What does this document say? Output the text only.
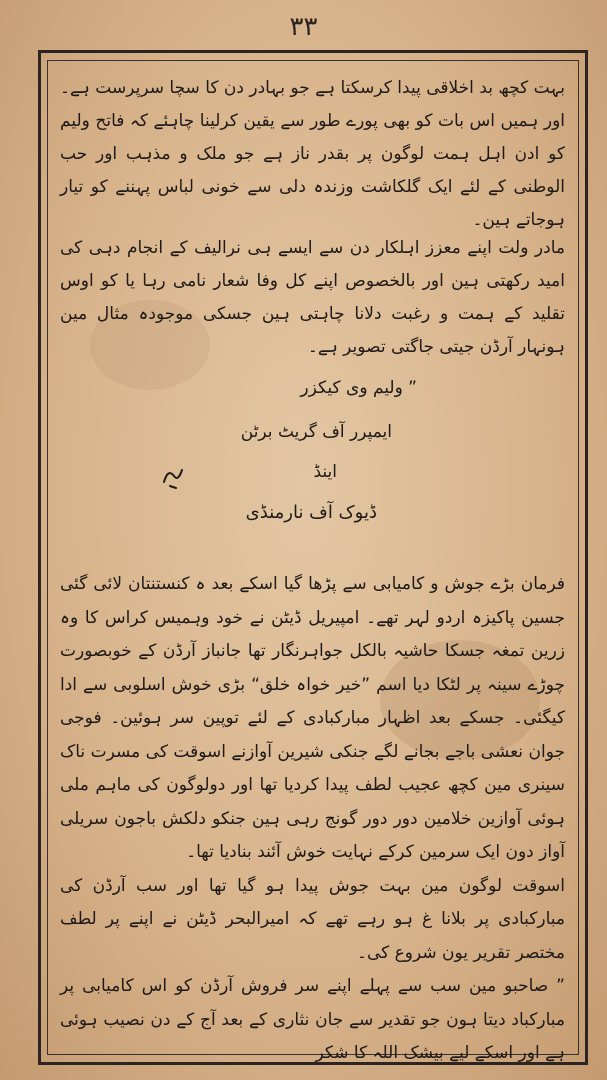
۳۳

بہت کچھ بد اخلاقی پیدا کرسکتا ہے جو بہادر دن کا سچا سرپرست ہے۔ اور ہمیں اس بات کو بھی پورے طور سے یقین کرلینا چاہئے کہ فاتح ولیم کو ادن اہل ہمت لوگون پر بقدر ناز ہے جو ملک و مذہب اور حب الوطنی کے لئے ایک گلکاشت وزندہ دلی سے خونی لباس پہننے کو تیار ہوجاتے ہین۔

مادر ولت اپنے معزز اہلکار دن سے ایسے ہی نرالیف کے انجام دہی کی امید رکھتی ہین اور بالخصوص اپنے کل وفا شعار نامی رہا یا کو اوس تقلید کے ہمت و رغبت دلانا چاہتی ہین جسکی موجودہ مثال مین ہونہار آرڈن جیتی جاگتی تصویر ہے۔

” ولیم وی کیکزر
ایمپرر آف گریٹ برٹن
اینڈ
ڈیوک آف نارمنڈی

فرمان بڑے جوش و کامیابی سے پڑھا گیا اسکے بعد ہ کنستنتان لائی گئی جسین پاکیزہ اردو لہر تھے۔ امپیریل ڈیٹن نے خود وہمیس کراس کا وہ زرین تمغہ جسکا حاشیہ بالکل جواہرنگار تھا جانباز آرڈن کے خوبصورت چوڑے سینہ پر لٹکا دیا اسم ”خیر خواہ خلق“ بڑی خوش اسلوبی سے ادا کیگئی۔ جسکے بعد اظہار مبارکبادی کے لئے توپین سر ہوئین۔ فوجی جوان نعشی باجے بجانے لگے جنکی شیرین آوازنے اسوقت کی مسرت ناک سینری مین کچھ عجیب لطف پیدا کردیا تھا اور دولوگون کی ماہم ملی ہوئی آوازین خلامین دور دور گونج رہی ہین جنکو دلکش باجون سریلی آواز دون ایک سرمین کرکے نہایت خوش آئند بنادیا تھا۔

اسوقت لوگون مین بہت جوش پیدا ہو گیا تھا اور سب آرڈن کی مبارکبادی پر بلانا غ ہو رہے تھے کہ امیرالبحر ڈیٹن نے اپنے پر لطف مختصر تقریر یون شروع کی۔

” صاحبو مین سب سے پہلے اپنے سر فروش آرڈن کو اس کامیابی پر مبارکباد دیتا ہون جو تقدیر سے جان نثاری کے بعد آج کے دن نصیب ہوئی ہے اور اسکے لیے بیشک اللہ کا شکر
